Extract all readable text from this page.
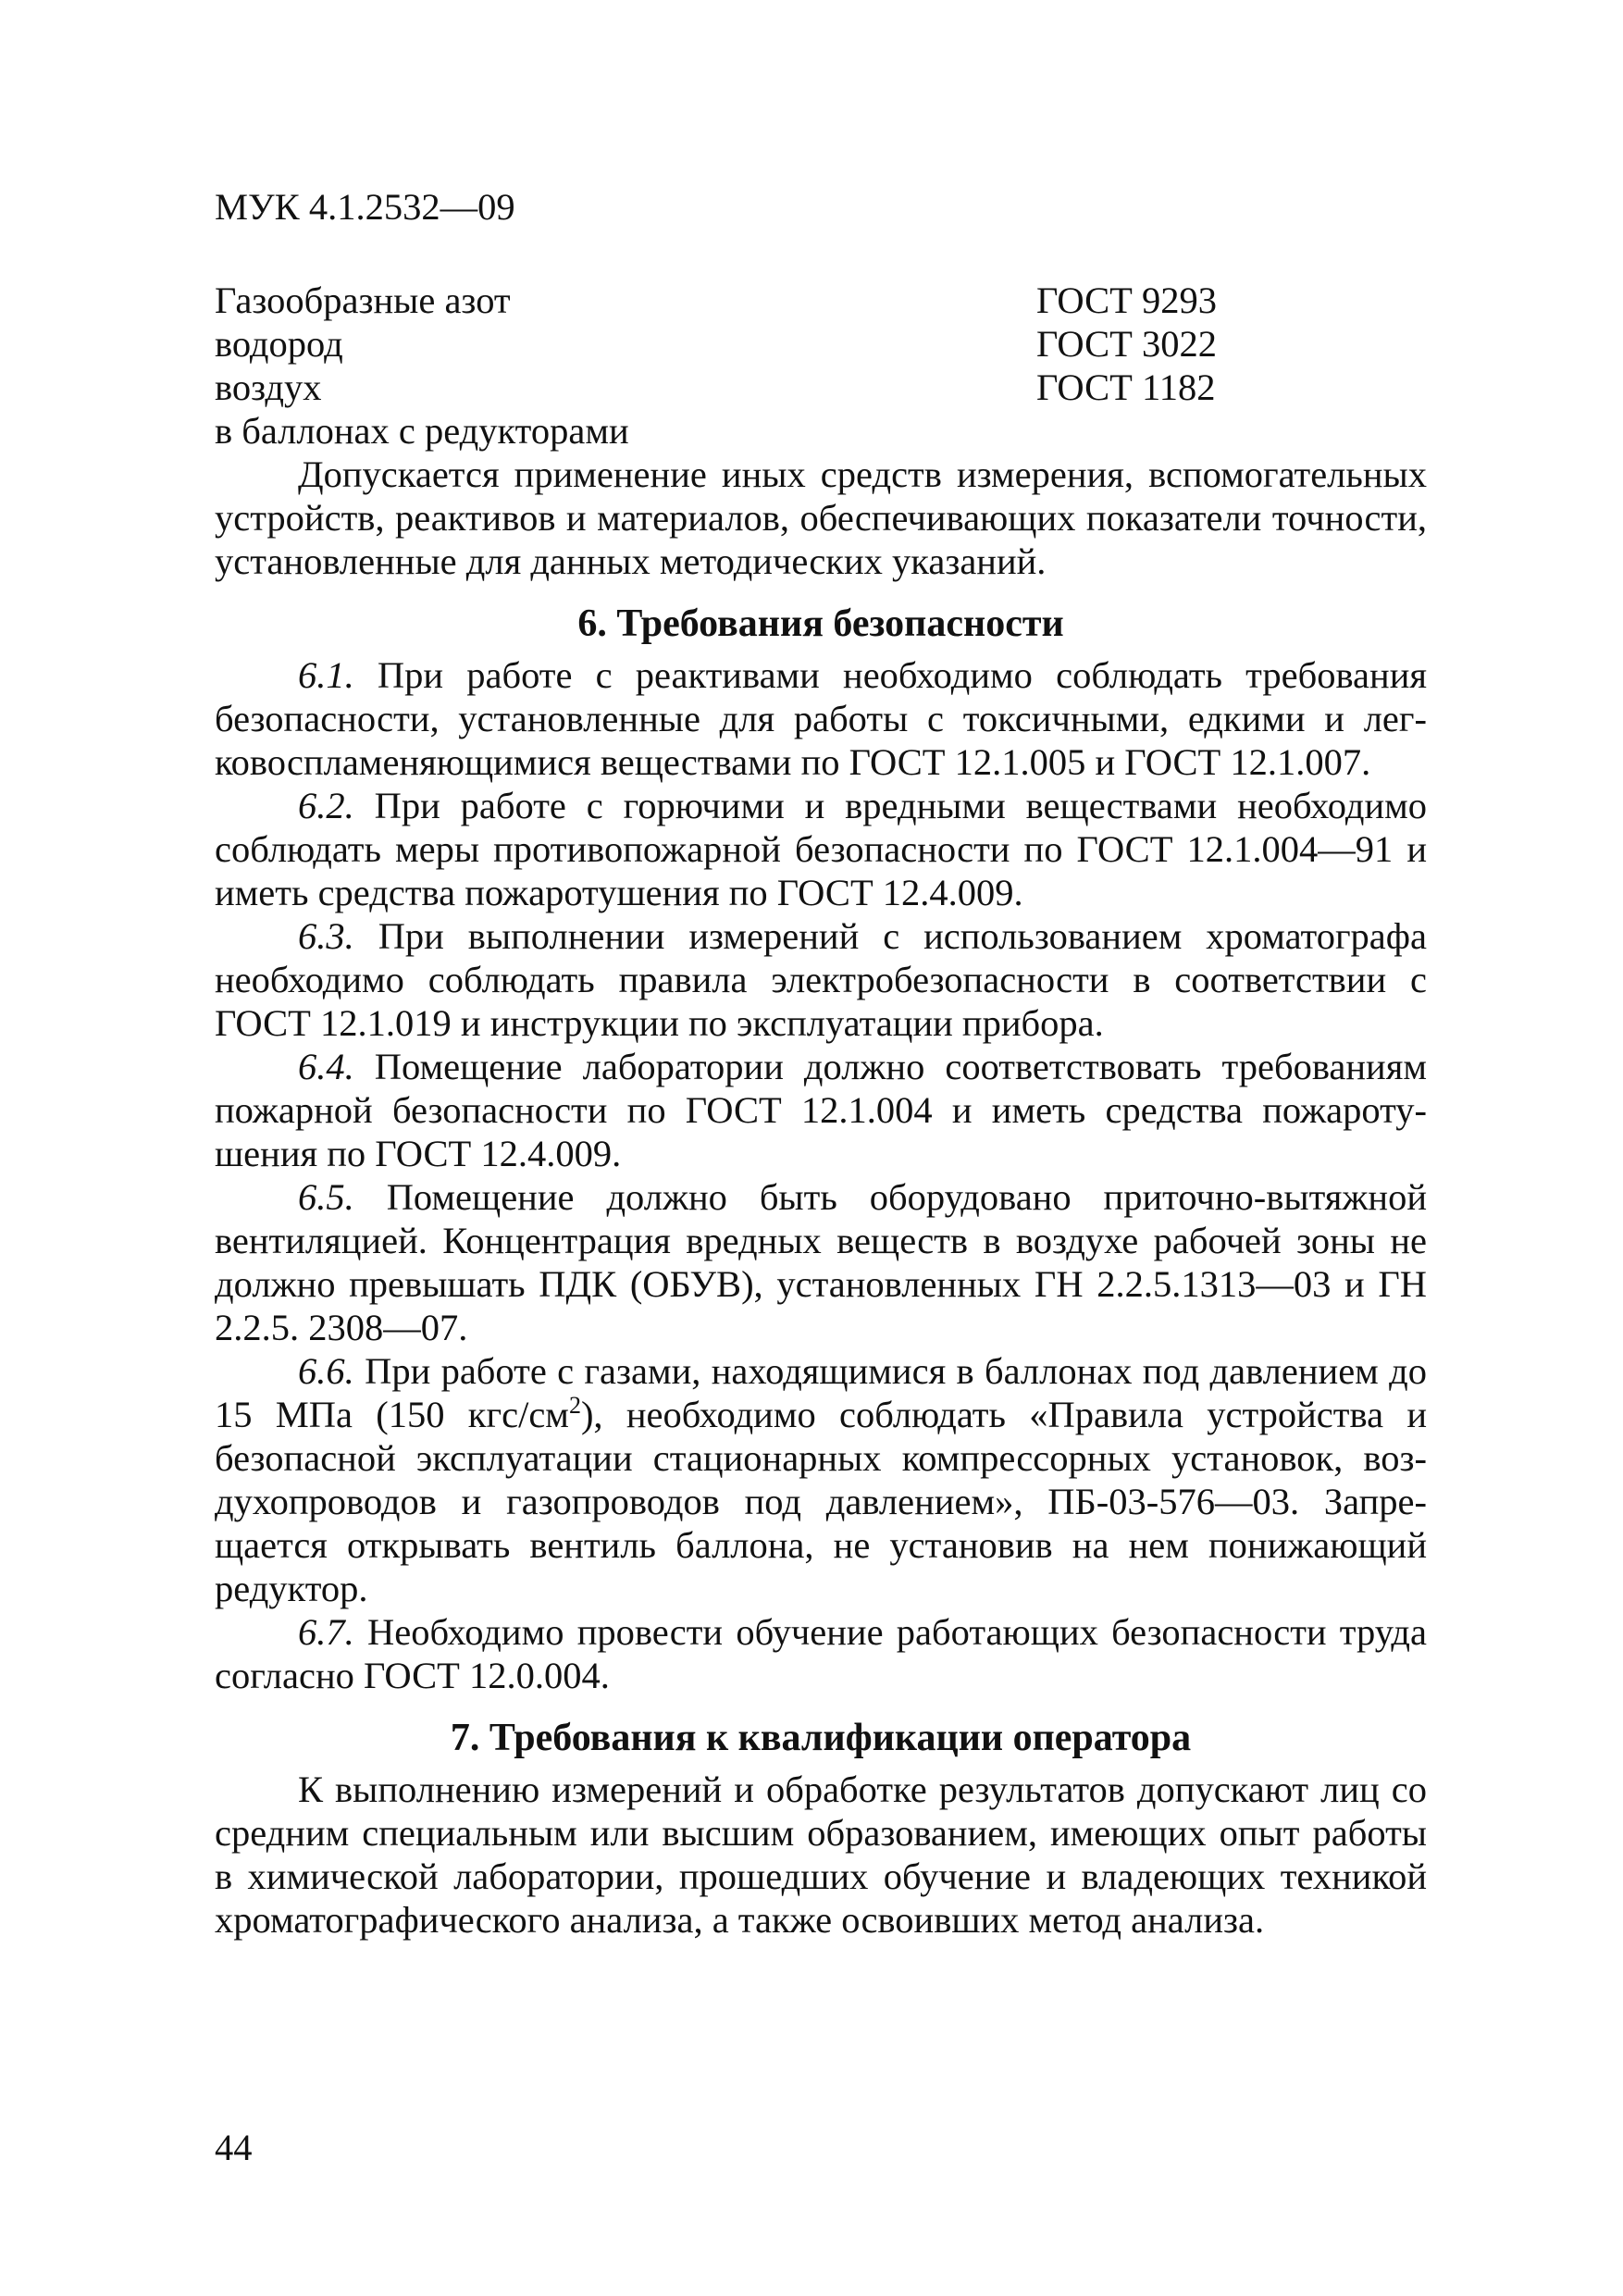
МУК 4.1.2532—09

Газообразные азот	ГОСТ 9293
водород	ГОСТ 3022
воздух	ГОСТ 1182
в баллонах с редукторами

Допускается применение иных средств измерения, вспомогательных устройств, реактивов и материалов, обеспечивающих показатели точности, установленные для данных методических указаний.

6. Требования безопасности

6.1. При работе с реактивами необходимо соблюдать требования безопасности, установленные для работы с токсичными, едкими и легковоспламеняющимися веществами по ГОСТ 12.1.005 и ГОСТ 12.1.007.

6.2. При работе с горючими и вредными веществами необходимо соблюдать меры противопожарной безопасности по ГОСТ 12.1.004—91 и иметь средства пожаротушения по ГОСТ 12.4.009.

6.3. При выполнении измерений с использованием хроматографа необходимо соблюдать правила электробезопасности в соответствии с ГОСТ 12.1.019 и инструкции по эксплуатации прибора.

6.4. Помещение лаборатории должно соответствовать требованиям пожарной безопасности по ГОСТ 12.1.004 и иметь средства пожаротушения по ГОСТ 12.4.009.

6.5. Помещение должно быть оборудовано приточно-вытяжной вентиляцией. Концентрация вредных веществ в воздухе рабочей зоны не должно превышать ПДК (ОБУВ), установленных ГН 2.2.5.1313—03 и ГН 2.2.5. 2308—07.

6.6. При работе с газами, находящимися в баллонах под давлением до 15 МПа (150 кгс/$см^2$), необходимо соблюдать «Правила устройства и безопасной эксплуатации стационарных компрессорных установок, воздухопроводов и газопроводов под давлением», ПБ-03-576—03. Запрещается открывать вентиль баллона, не установив на нем понижающий редуктор.

6.7. Необходимо провести обучение работающих безопасности труда согласно ГОСТ 12.0.004.

7. Требования к квалификации оператора

К выполнению измерений и обработке результатов допускают лиц со средним специальным или высшим образованием, имеющих опыт работы в химической лаборатории, прошедших обучение и владеющих техникой хроматографического анализа, а также освоивших метод анализа.

44
